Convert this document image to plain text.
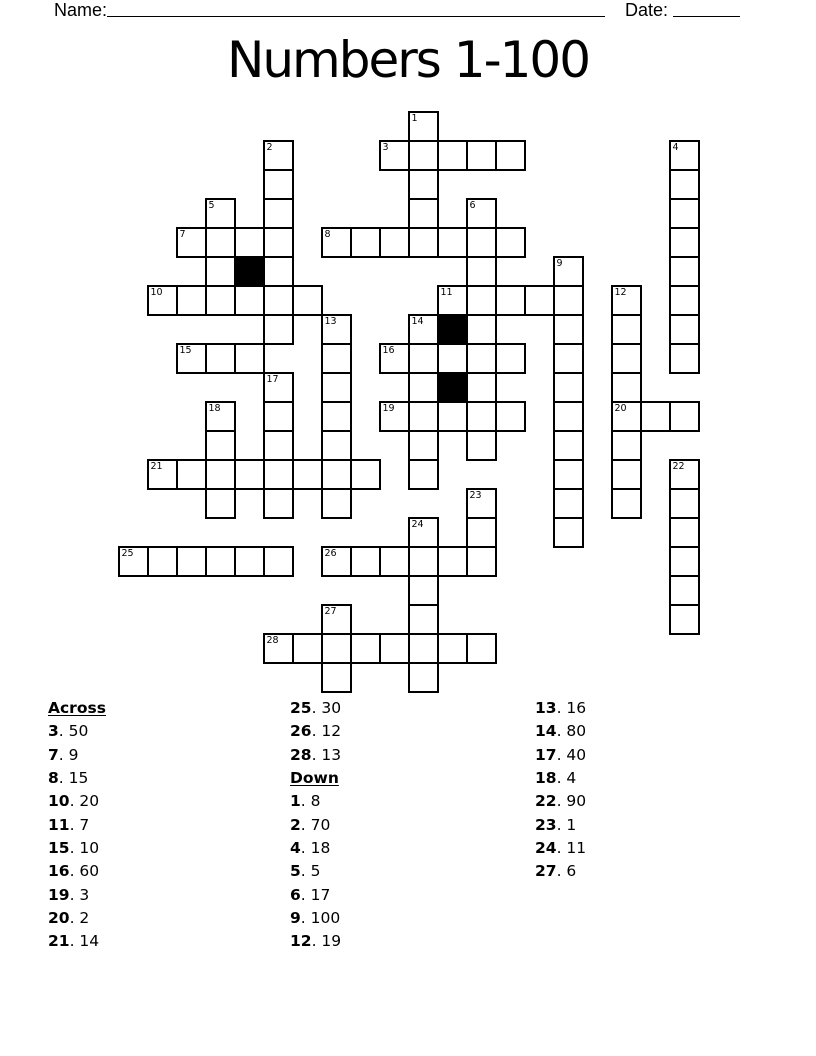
Name:	Date:
Numbers 1-100
1
2	3	4
5	6
7	8
9
10	11	12
13	14
15	16
17
18	19	20
21	22
23
24
25	26
27
28
Across
3. 50
7. 9
8. 15
10. 20
11. 7
15. 10
16. 60
19. 3
20. 2
21. 14
25. 30
26. 12
28. 13
Down
1. 8
2. 70
4. 18
5. 5
6. 17
9. 100
12. 19
13. 16
14. 80
17. 40
18. 4
22. 90
23. 1
24. 11
27. 6
